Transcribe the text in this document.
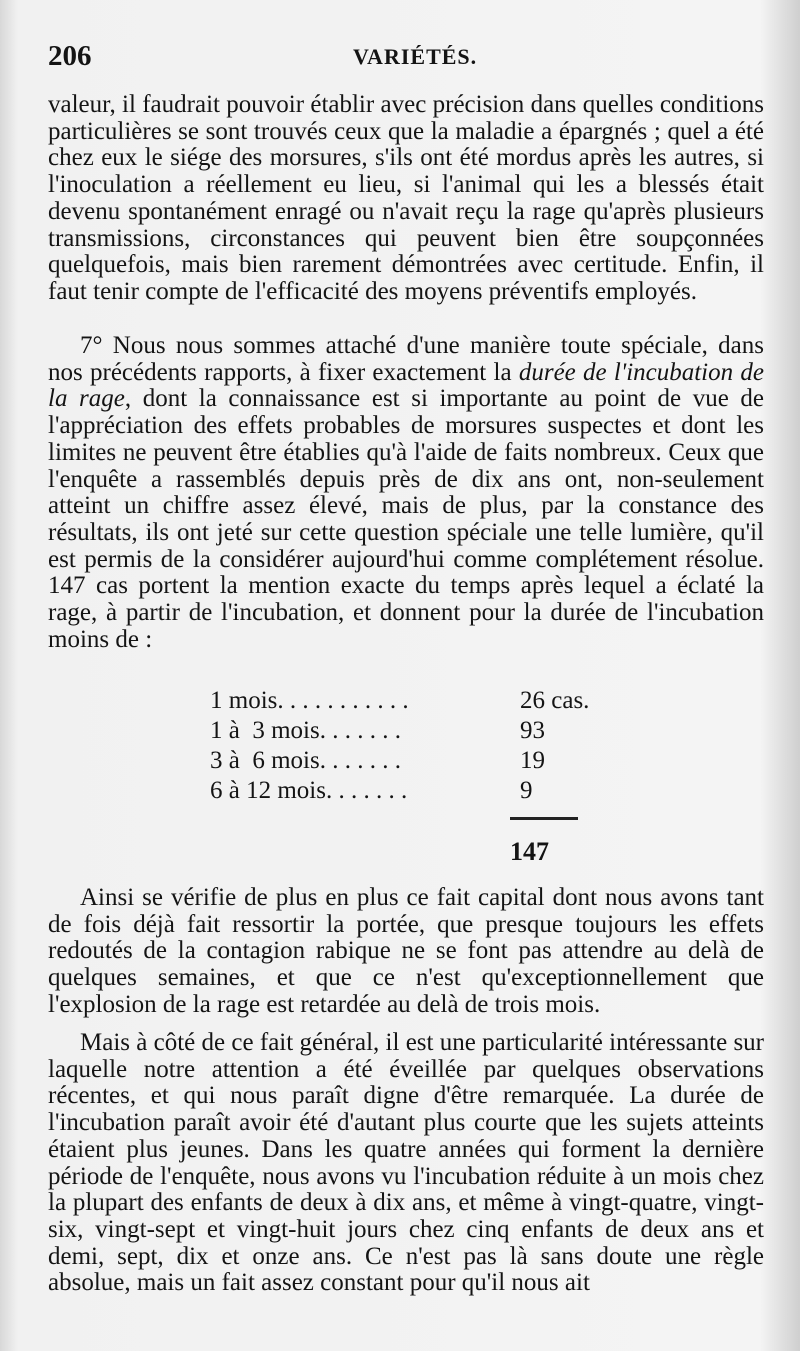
206	VARIÉTÉS.

valeur, il faudrait pouvoir établir avec précision dans quelles conditions particulières se sont trouvés ceux que la maladie a épargnés ; quel a été chez eux le siége des morsures, s'ils ont été mordus après les autres, si l'inoculation a réellement eu lieu, si l'animal qui les a blessés était devenu spontanément enragé ou n'avait reçu la rage qu'après plusieurs transmissions, circonstances qui peuvent bien être soupçonnées quelquefois, mais bien rarement démontrées avec certitude. Enfin, il faut tenir compte de l'efficacité des moyens préventifs employés.

7° Nous nous sommes attaché d'une manière toute spéciale, dans nos précédents rapports, à fixer exactement la durée de l'incubation de la rage, dont la connaissance est si importante au point de vue de l'appréciation des effets probables de morsures suspectes et dont les limites ne peuvent être établies qu'à l'aide de faits nombreux. Ceux que l'enquête a rassemblés depuis près de dix ans ont, non-seulement atteint un chiffre assez élevé, mais de plus, par la constance des résultats, ils ont jeté sur cette question spéciale une telle lumière, qu'il est permis de la considérer aujourd'hui comme complétement résolue. 147 cas portent la mention exacte du temps après lequel a éclaté la rage, à partir de l'incubation, et donnent pour la durée de l'incubation moins de :

1 mois. . . . . . . . . . .	26 cas.
1 à  3 mois. . . . . . .	93
3 à  6 mois. . . . . . .	19
6 à 12 mois. . . . . . .	9
147

Ainsi se vérifie de plus en plus ce fait capital dont nous avons tant de fois déjà fait ressortir la portée, que presque toujours les effets redoutés de la contagion rabique ne se font pas attendre au delà de quelques semaines, et que ce n'est qu'exceptionnellement que l'explosion de la rage est retardée au delà de trois mois.

Mais à côté de ce fait général, il est une particularité intéressante sur laquelle notre attention a été éveillée par quelques observations récentes, et qui nous paraît digne d'être remarquée. La durée de l'incubation paraît avoir été d'autant plus courte que les sujets atteints étaient plus jeunes. Dans les quatre années qui forment la dernière période de l'enquête, nous avons vu l'incubation réduite à un mois chez la plupart des enfants de deux à dix ans, et même à vingt-quatre, vingt-six, vingt-sept et vingt-huit jours chez cinq enfants de deux ans et demi, sept, dix et onze ans. Ce n'est pas là sans doute une règle absolue, mais un fait assez constant pour qu'il nous ait
